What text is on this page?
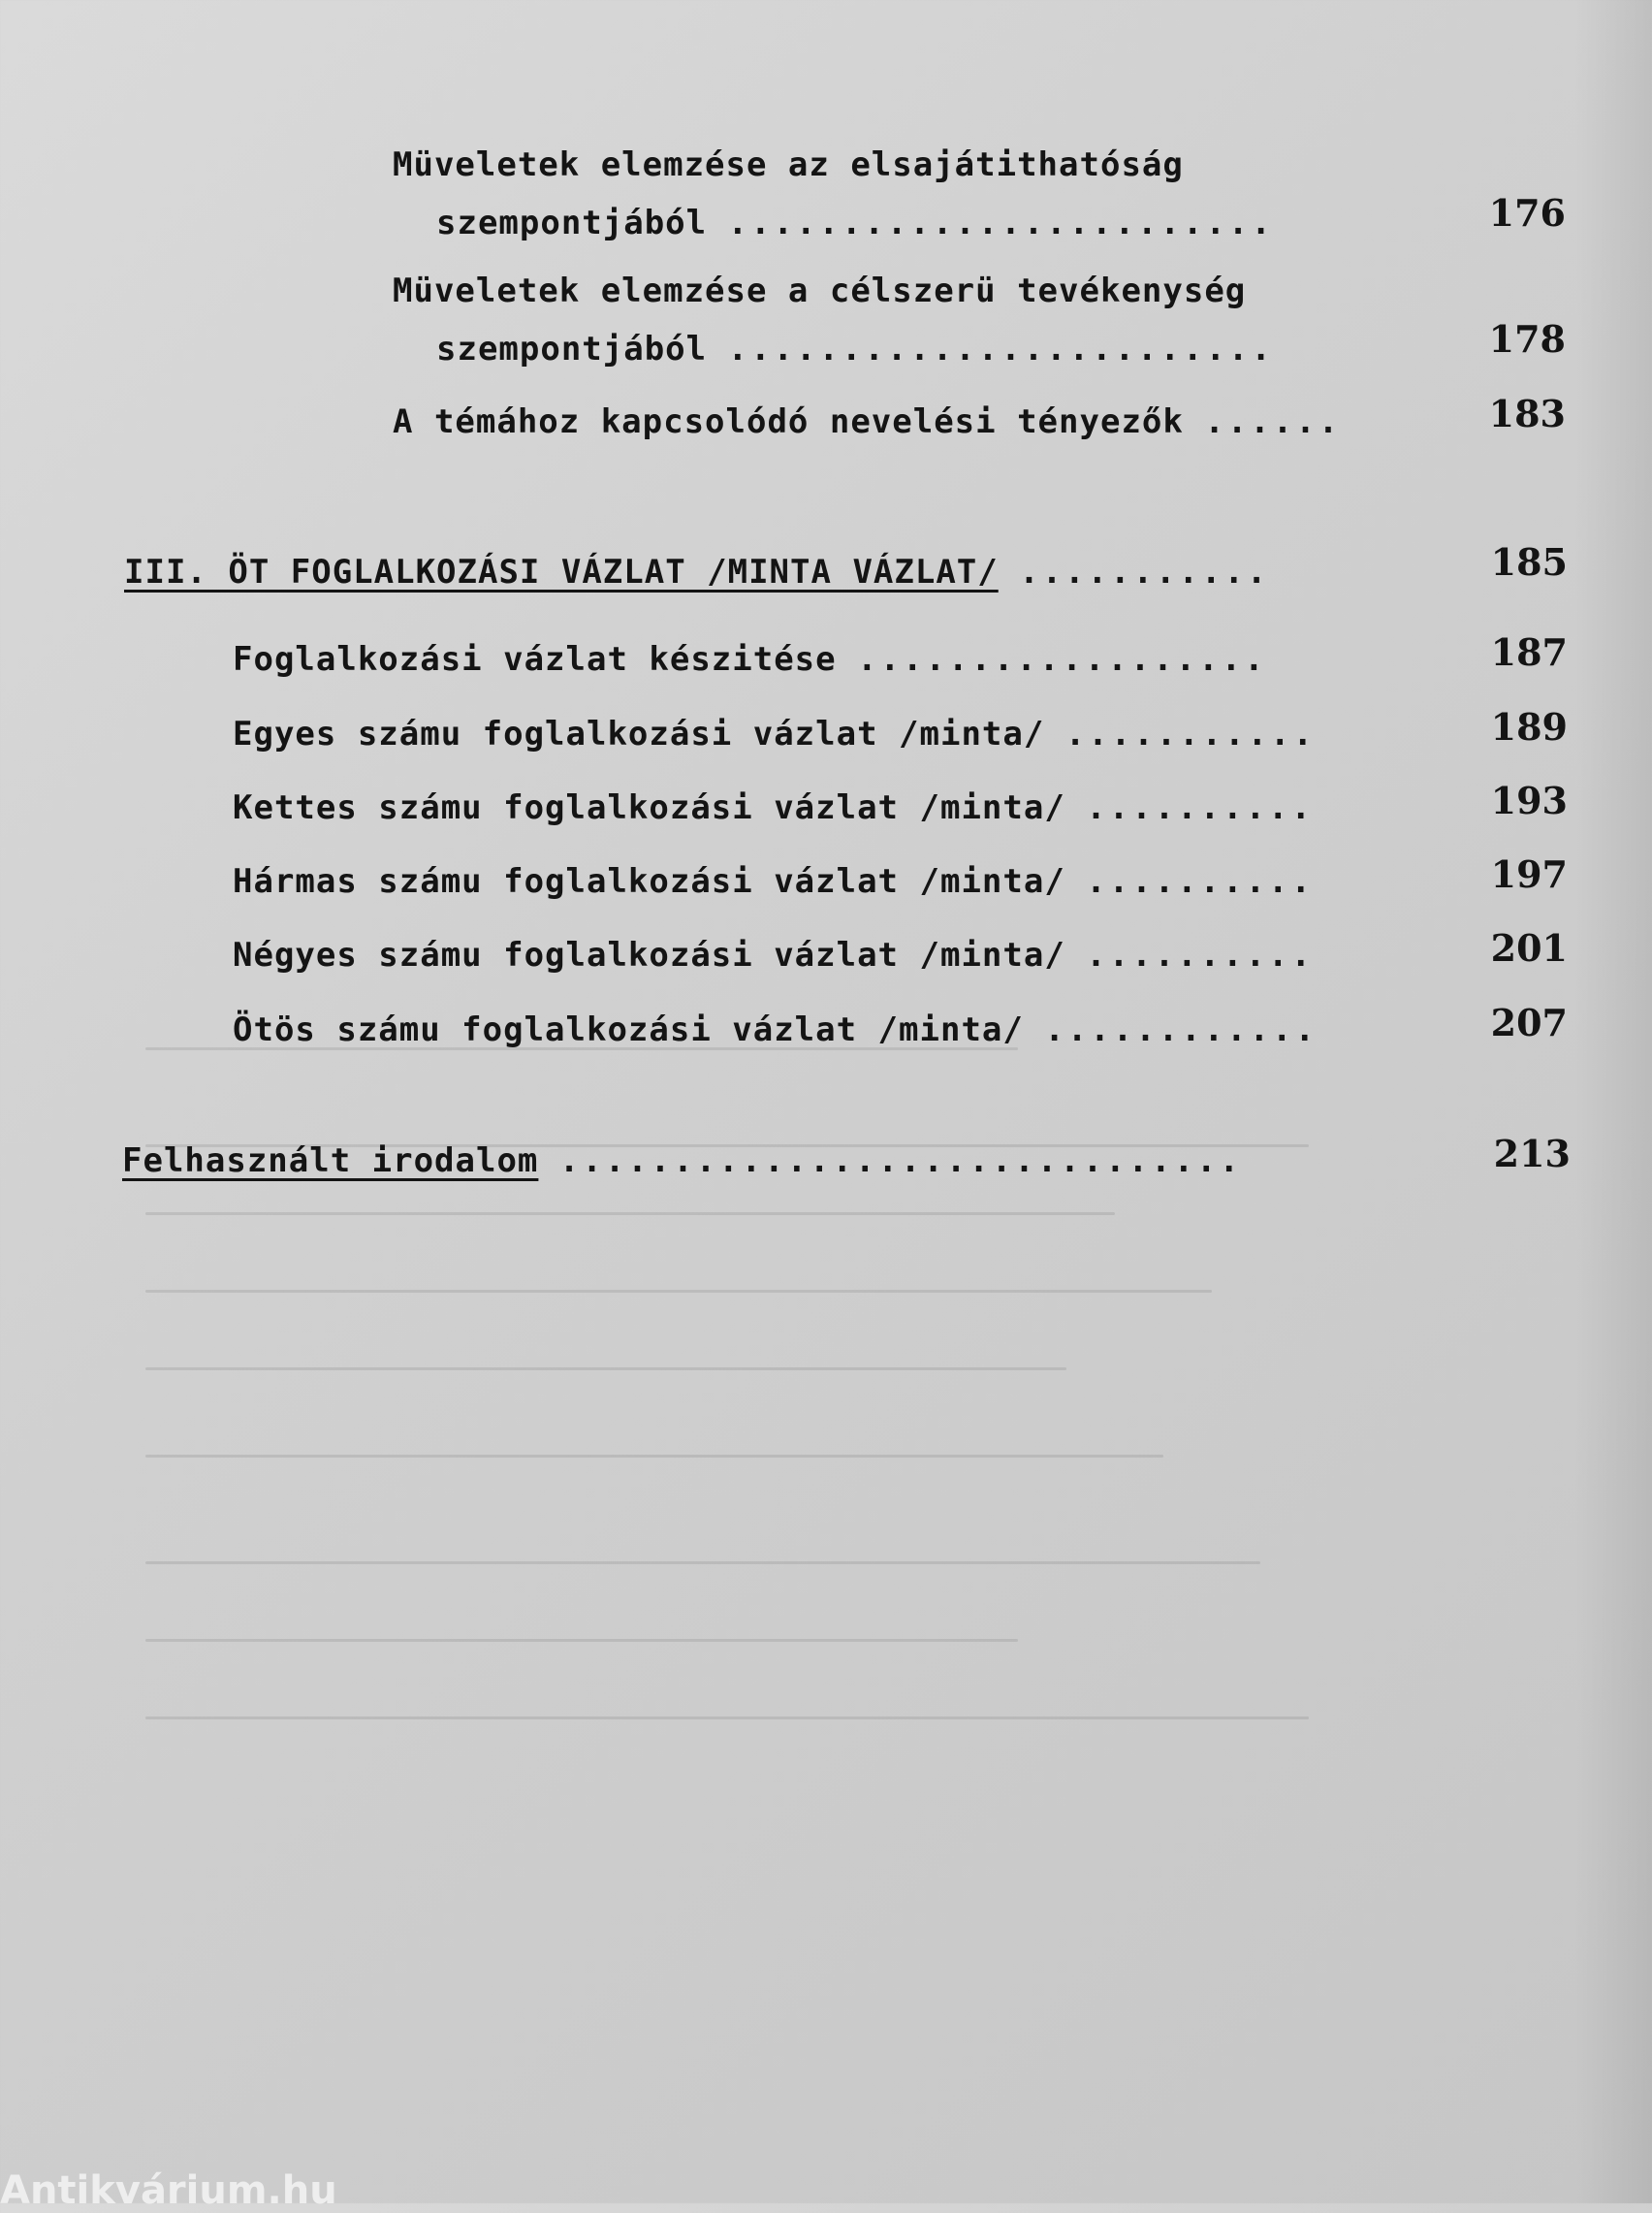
Müveletek elemzése az elsajátithatóság
szempontjából ........................	176
Müveletek elemzése a célszerü tevékenység
szempontjából ........................	178
A témához kapcsolódó nevelési tényezők ......	183
III. ÖT FOGLALKOZÁSI VÁZLAT /MINTA VÁZLAT/ ...........	185
Foglalkozási vázlat készitése ..................	187
Egyes számu foglalkozási vázlat /minta/ ...........	189
Kettes számu foglalkozási vázlat /minta/ ..........	193
Hármas számu foglalkozási vázlat /minta/ ..........	197
Négyes számu foglalkozási vázlat /minta/ ..........	201
Ötös számu foglalkozási vázlat /minta/ ............	207
Felhasznált irodalom ..............................	213
Antikvárium.hu
